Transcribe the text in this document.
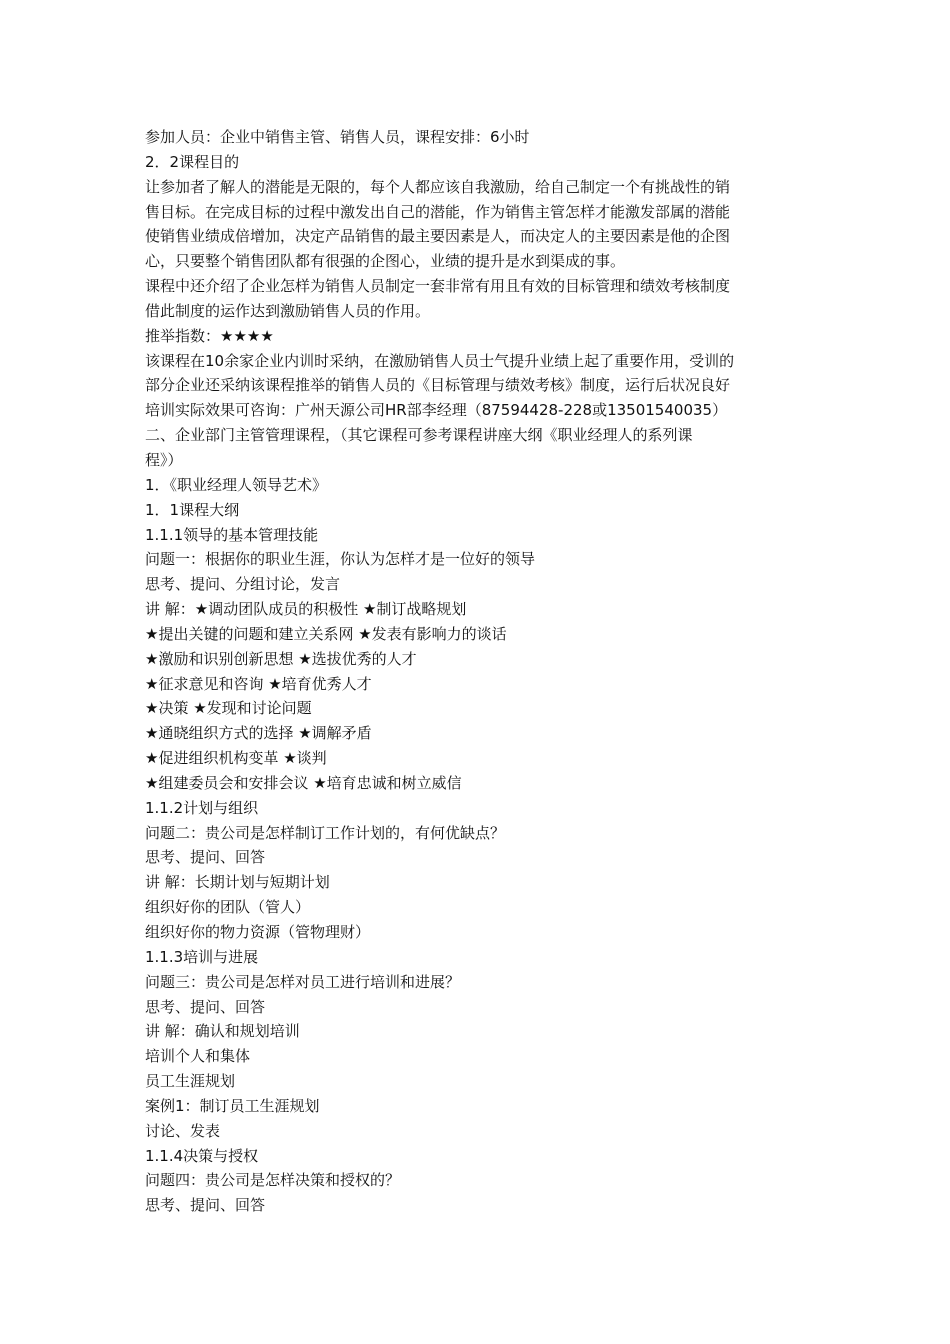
参加人员：企业中销售主管、销售人员，课程安排：6小时
2．2课程目的
让参加者了解人的潜能是无限的，每个人都应该自我激励，给自己制定一个有挑战性的销
售目标。在完成目标的过程中激发出自己的潜能，作为销售主管怎样才能激发部属的潜能
使销售业绩成倍增加，决定产品销售的最主要因素是人，而决定人的主要因素是他的企图
心，只要整个销售团队都有很强的企图心，业绩的提升是水到渠成的事。
课程中还介绍了企业怎样为销售人员制定一套非常有用且有效的目标管理和绩效考核制度
借此制度的运作达到激励销售人员的作用。
推举指数：★★★★
该课程在10余家企业内训时采纳，在激励销售人员士气提升业绩上起了重要作用，受训的
部分企业还采纳该课程推举的销售人员的《目标管理与绩效考核》制度，运行后状况良好
培训实际效果可咨询：广州天源公司HR部李经理（87594428-228或13501540035）
二、企业部门主管管理课程，（其它课程可参考课程讲座大纲《职业经理人的系列课
程》）
1．《职业经理人领导艺术》
1．1课程大纲
1.1.1领导的基本管理技能
问题一：根据你的职业生涯，你认为怎样才是一位好的领导
思考、提问、分组讨论，发言
讲 解：★调动团队成员的积极性 ★制订战略规划
★提出关键的问题和建立关系网 ★发表有影响力的谈话
★激励和识别创新思想 ★选拔优秀的人才
★征求意见和咨询 ★培育优秀人才
★决策 ★发现和讨论问题
★通晓组织方式的选择 ★调解矛盾
★促进组织机构变革 ★谈判
★组建委员会和安排会议 ★培育忠诚和树立威信
1.1.2计划与组织
问题二：贵公司是怎样制订工作计划的，有何优缺点？
思考、提问、回答
讲 解：长期计划与短期计划
组织好你的团队（管人）
组织好你的物力资源（管物理财）
1.1.3培训与进展
问题三：贵公司是怎样对员工进行培训和进展？
思考、提问、回答
讲 解：确认和规划培训
培训个人和集体
员工生涯规划
案例1：制订员工生涯规划
讨论、发表
1.1.4决策与授权
问题四：贵公司是怎样决策和授权的？
思考、提问、回答
